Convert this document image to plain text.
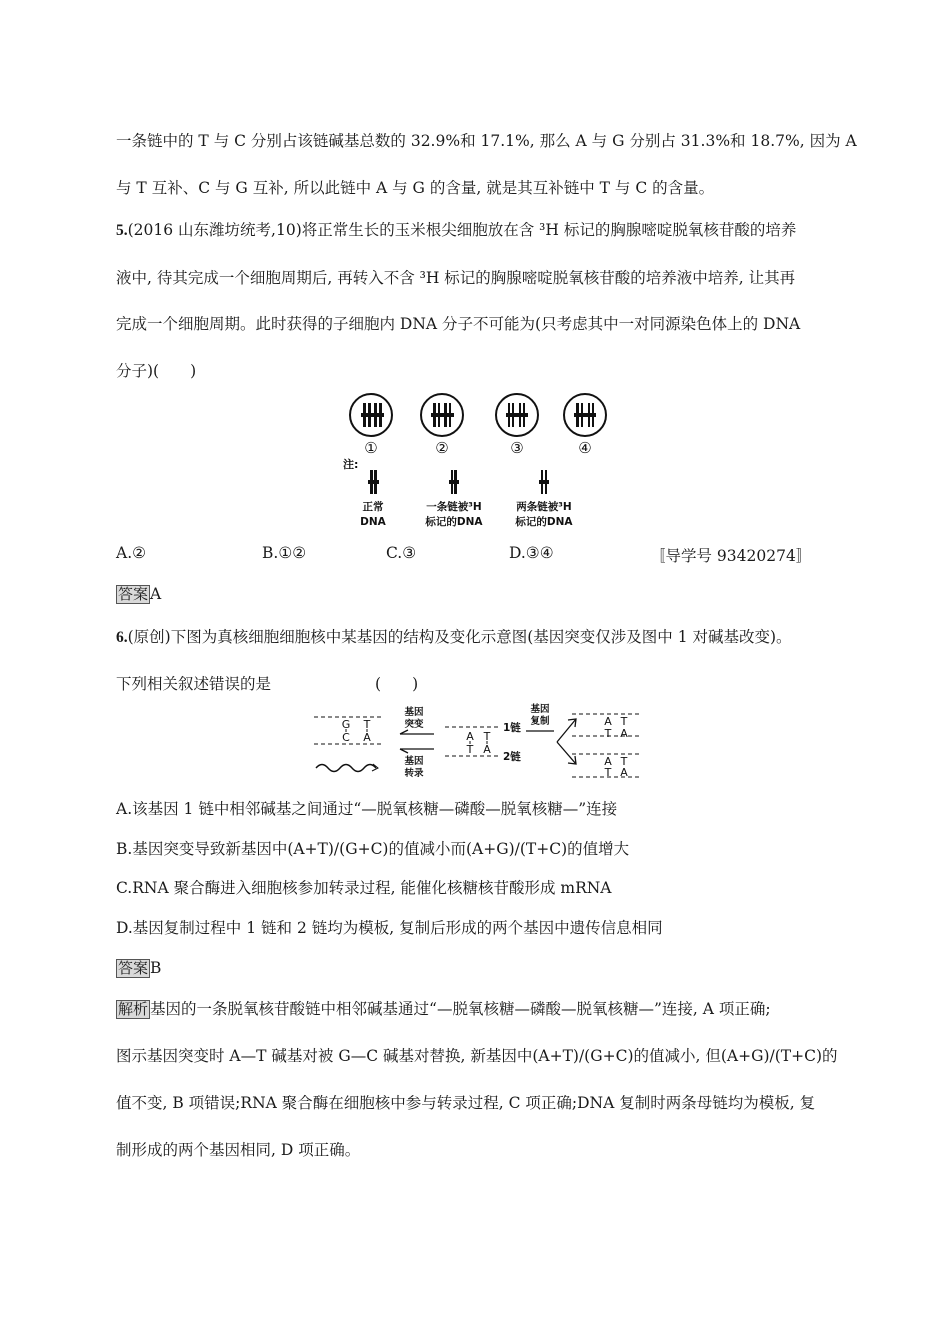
一条链中的 T 与 C 分别占该链碱基总数的 32.9%和 17.1%, 那么 A 与 G 分别占 31.3%和 18.7%, 因为 A
与 T 互补、C 与 G 互补, 所以此链中 A 与 G 的含量, 就是其互补链中 T 与 C 的含量。
5.(2016 山东潍坊统考,10)将正常生长的玉米根尖细胞放在含 ³H 标记的胸腺嘧啶脱氧核苷酸的培养
液中, 待其完成一个细胞周期后, 再转入不含 ³H 标记的胸腺嘧啶脱氧核苷酸的培养液中培养, 让其再
完成一个细胞周期。此时获得的子细胞内 DNA 分子不可能为(只考虑其中一对同源染色体上的 DNA
分子)(　　)
①	②	③	④
注:
正常
DNA
一条链被³H
标记的DNA
两条链被³H
标记的DNA
A.②	B.①②	C.③	D.③④	〚导学号 93420274〛
答案 A
6.(原创)下图为真核细胞细胞核中某基因的结构及变化示意图(基因突变仅涉及图中 1 对碱基改变)。
下列相关叙述错误的是	(　　)
G T
C A
基因
突变
基因
转录
A T
T A
1链
2链
基因
复制	A T
T A
A T
T A
A.该基因 1 链中相邻碱基之间通过“—脱氧核糖—磷酸—脱氧核糖—”连接
B.基因突变导致新基因中(A+T)/(G+C)的值减小而(A+G)/(T+C)的值增大
C.RNA 聚合酶进入细胞核参加转录过程, 能催化核糖核苷酸形成 mRNA
D.基因复制过程中 1 链和 2 链均为模板, 复制后形成的两个基因中遗传信息相同
答案 B
解析 基因的一条脱氧核苷酸链中相邻碱基通过“—脱氧核糖—磷酸—脱氧核糖—”连接, A 项正确;
图示基因突变时 A—T 碱基对被 G—C 碱基对替换, 新基因中(A+T)/(G+C)的值减小, 但(A+G)/(T+C)的
值不变, B 项错误;RNA 聚合酶在细胞核中参与转录过程, C 项正确;DNA 复制时两条母链均为模板, 复
制形成的两个基因相同, D 项正确。
